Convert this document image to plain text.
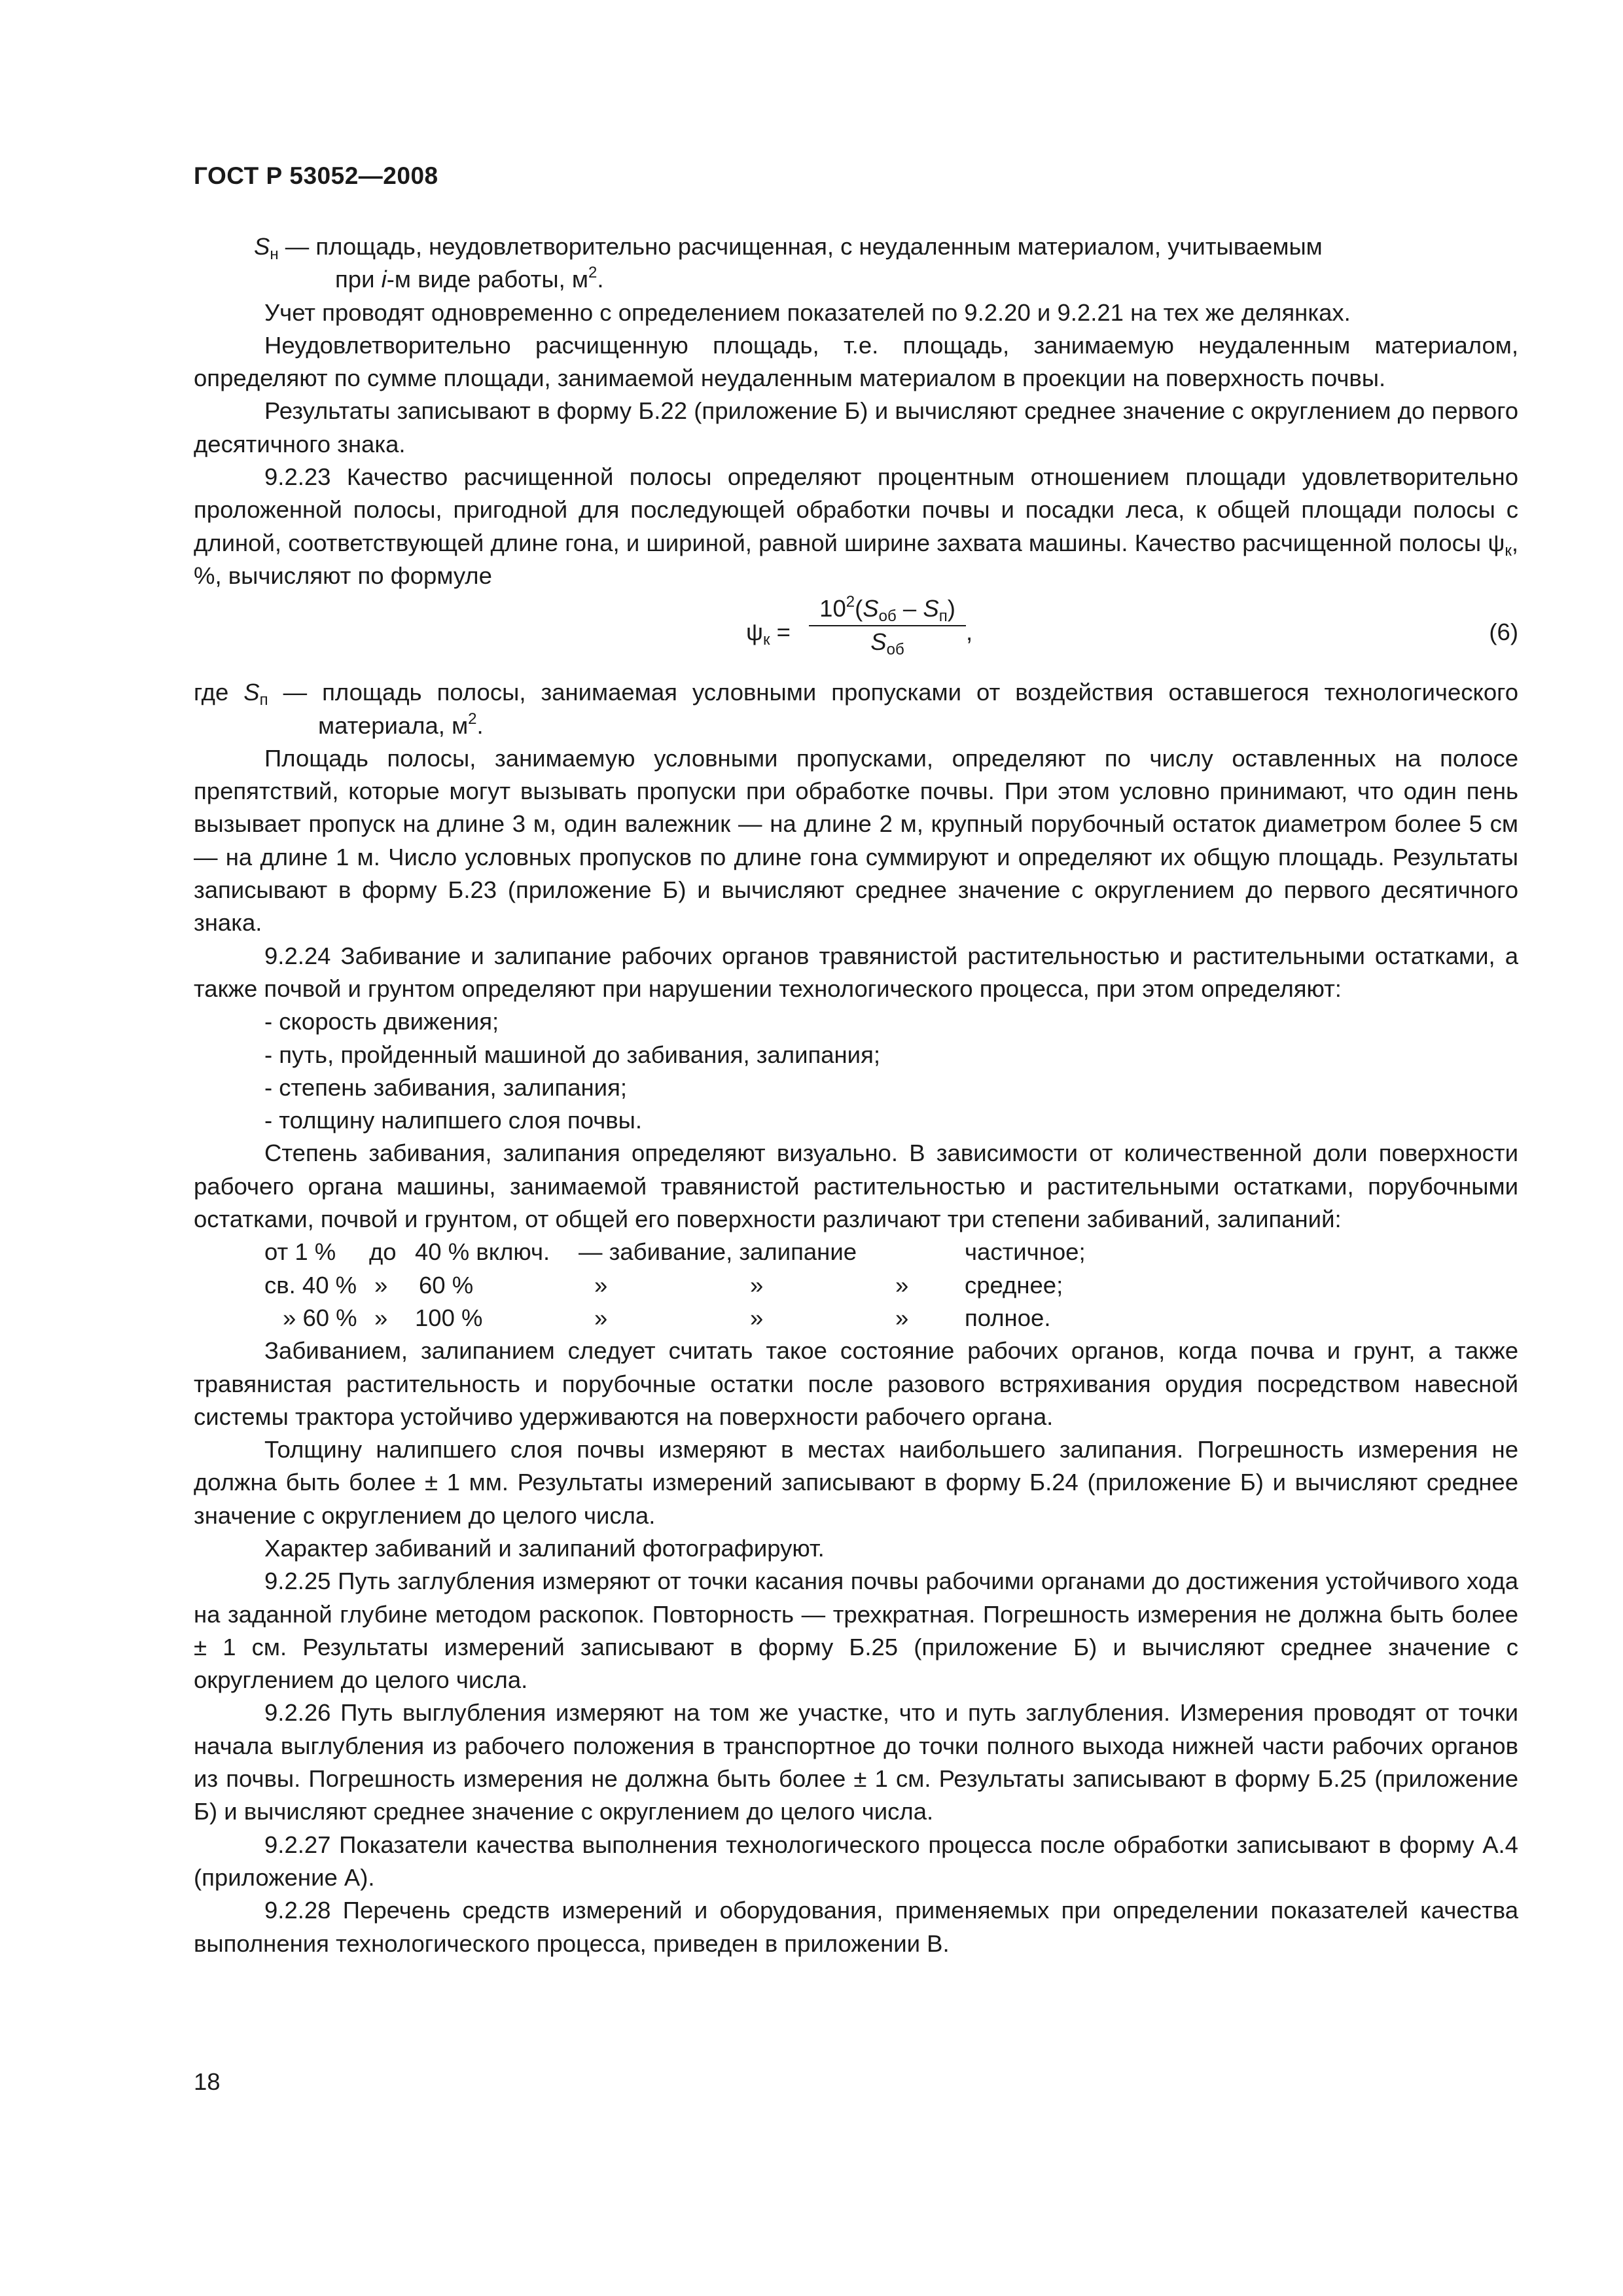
ГОСТ Р 53052—2008

$S_н$ — площадь, неудовлетворительно расчищенная, с неудаленным материалом, учитываемым
при i-м виде работы, $м^2$.

Учет проводят одновременно с определением показателей по 9.2.20 и 9.2.21 на тех же делянках.

Неудовлетворительно расчищенную площадь, т.е. площадь, занимаемую неудаленным материалом, определяют по сумме площади, занимаемой неудаленным материалом в проекции на поверхность почвы.

Результаты записывают в форму Б.22 (приложение Б) и вычисляют среднее значение с округлением до первого десятичного знака.

9.2.23 Качество расчищенной полосы определяют процентным отношением площади удовлетворительно проложенной полосы, пригодной для последующей обработки почвы и посадки леса, к общей площади полосы с длиной, соответствующей длине гона, и шириной, равной ширине захвата машины. Качество расчищенной полосы $\psi_к$, %, вычисляют по формуле

$\psi_к$ =
$10^2(S_{об} - S_п)$
$S_{об}$
,	(6)

где $S_п$ — площадь полосы, занимаемая условными пропусками от воздействия оставшегося технологического материала, $м^2$.

Площадь полосы, занимаемую условными пропусками, определяют по числу оставленных на полосе препятствий, которые могут вызывать пропуски при обработке почвы. При этом условно принимают, что один пень вызывает пропуск на длине 3 м, один валежник — на длине 2 м, крупный порубочный остаток диаметром более 5 см — на длине 1 м. Число условных пропусков по длине гона суммируют и определяют их общую площадь. Результаты записывают в форму Б.23 (приложение Б) и вычисляют среднее значение с округлением до первого десятичного знака.

9.2.24 Забивание и залипание рабочих органов травянистой растительностью и растительными остатками, а также почвой и грунтом определяют при нарушении технологического процесса, при этом определяют:

- скорость движения;

- путь, пройденный машиной до забивания, залипания;

- степень забивания, залипания;

- толщину налипшего слоя почвы.

Степень забивания, залипания определяют визуально. В зависимости от количественной доли поверхности рабочего органа машины, занимаемой травянистой растительностью и растительными остатками, порубочными остатками, почвой и грунтом, от общей его поверхности различают три степени забиваний, залипаний:

от 1 %	до	40 % включ.	— забивание, залипание			частичное;
св. 40 %	»	60 %	»	»	»	среднее;
» 60 %	»	100 %	»	»	»	полное.

Забиванием, залипанием следует считать такое состояние рабочих органов, когда почва и грунт, а также травянистая растительность и порубочные остатки после разового встряхивания орудия посредством навесной системы трактора устойчиво удерживаются на поверхности рабочего органа.

Толщину налипшего слоя почвы измеряют в местах наибольшего залипания. Погрешность измерения не должна быть более ± 1 мм. Результаты измерений записывают в форму Б.24 (приложение Б) и вычисляют среднее значение с округлением до целого числа.

Характер забиваний и залипаний фотографируют.

9.2.25 Путь заглубления измеряют от точки касания почвы рабочими органами до достижения устойчивого хода на заданной глубине методом раскопок. Повторность — трехкратная. Погрешность измерения не должна быть более ± 1 см. Результаты измерений записывают в форму Б.25 (приложение Б) и вычисляют среднее значение с округлением до целого числа.

9.2.26 Путь выглубления измеряют на том же участке, что и путь заглубления. Измерения проводят от точки начала выглубления из рабочего положения в транспортное до точки полного выхода нижней части рабочих органов из почвы. Погрешность измерения не должна быть более ± 1 см. Результаты записывают в форму Б.25 (приложение Б) и вычисляют среднее значение с округлением до целого числа.

9.2.27 Показатели качества выполнения технологического процесса после обработки записывают в форму А.4 (приложение А).

9.2.28 Перечень средств измерений и оборудования, применяемых при определении показателей качества выполнения технологического процесса, приведен в приложении В.

18
